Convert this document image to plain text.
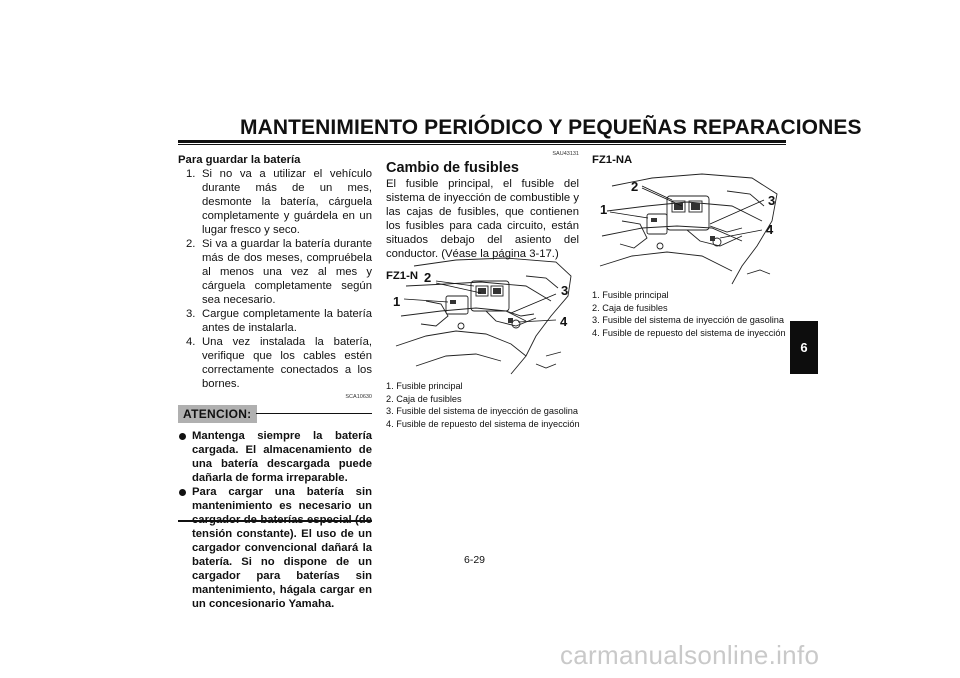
MANTENIMIENTO PERIÓDICO Y PEQUEÑAS REPARACIONES
Para guardar la batería
1. Si no va a utilizar el vehículo durante más de un mes, desmonte la batería, cárguela completamente y guárdela en un lugar fresco y seco.
2. Si va a guardar la batería durante más de dos meses, compruébela al menos una vez al mes y cárguela completamente según sea necesario.
3. Cargue completamente la batería antes de instalarla.
4. Una vez instalada la batería, verifique que los cables estén correctamente conectados a los bornes.
SCA10630
ATENCION:
Mantenga siempre la batería cargada. El almacenamiento de una batería descargada puede dañarla de forma irreparable.
Para cargar una batería sin mantenimiento es necesario un tensión constante). El uso de un cargador convencional dañará la batería. Si no dispone de un cargador para baterías sin mantenimiento, hágala cargar en un concesionario Yamaha.
SAU43131
Cambio de fusibles
El fusible principal, el fusible del sistema de inyección de combustible y las cajas de fusibles, que contienen los fusibles para cada circuito, están situados debajo del asiento del conductor. (Véase la página 3-17.)
FZ1-N
1
2
3
4
1. Fusible principal
2. Caja de fusibles
3. Fusible del sistema de inyección de gasolina
4. Fusible de repuesto del sistema de inyección
FZ1-NA
1
2
3
4
1. Fusible principal
2. Caja de fusibles
3. Fusible del sistema de inyección de gasolina
4. Fusible de repuesto del sistema de inyección
6
6-29
carmanualsonline.info
